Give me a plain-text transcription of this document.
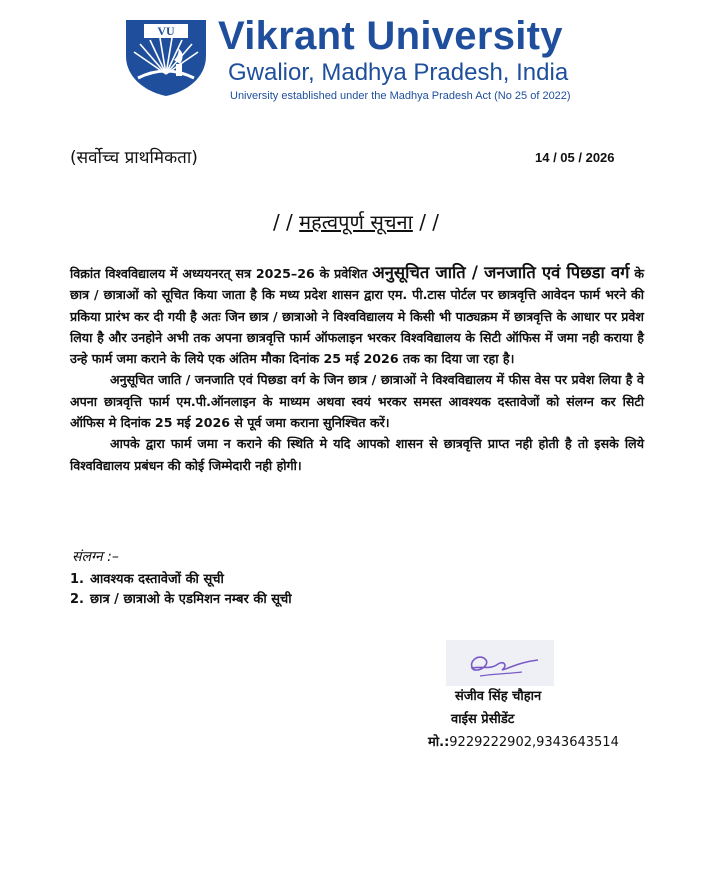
VU Vikrant University
Gwalior, Madhya Pradesh, India
University established under the Madhya Pradesh Act (No 25 of 2022)
(सर्वोच्च प्राथमिकता)	14 / 05 / 2026
/ / महत्वपूर्ण सूचना / /

विक्रांत विश्वविद्यालय में अध्ययनरत् सत्र 2025–26 के प्रवेशित अनुसूचित जाति / जनजाति एवं पिछडा वर्ग के छात्र / छात्राओं को सूचित किया जाता है कि मध्य प्रदेश शासन द्वारा एम. पी.टास पोर्टल पर छात्रवृत्ति आवेदन फार्म भरने की प्रकिया प्रारंभ कर दी गयी है अतः जिन छात्र / छात्राओ ने विश्वविद्यालय मे किसी भी पाठ्यक्रम में छात्रवृत्ति के आधार पर प्रवेश लिया है और उनहोने अभी तक अपना छात्रवृत्ति फार्म ऑफलाइन भरकर विश्वविद्यालय के सिटी ऑफिस में जमा नही कराया है उन्हे फार्म जमा कराने के लिये एक अंतिम मौका दिनांक 25 मई 2026 तक का दिया जा रहा है।

अनुसूचित जाति / जनजाति एवं पिछडा वर्ग के जिन छात्र / छात्राओं ने विश्वविद्यालय में फीस वेस पर प्रवेश लिया है वे अपना छात्रवृत्ति फार्म एम.पी.ऑनलाइन के माध्यम अथवा स्वयं भरकर समस्त आवश्यक दस्तावेजों को संलग्न कर सिटी ऑफिस मे दिनांक 25 मई 2026 से पूर्व जमा कराना सुनिश्चित करें।

आपके द्वारा फार्म जमा न कराने की स्थिति मे यदि आपको शासन से छात्रवृत्ति प्राप्त नही होती है तो इसके लिये विश्वविद्यालय प्रबंधन की कोई जिम्मेदारी नही होगी।

संलग्न :–
1. आवश्यक दस्तावेजों की सूची
2. छात्र / छात्राओ के एडमिशन नम्बर की सूची
संजीव सिंह चौहान
वाईस प्रेसीडेंट
मो.:9229222902,9343643514
